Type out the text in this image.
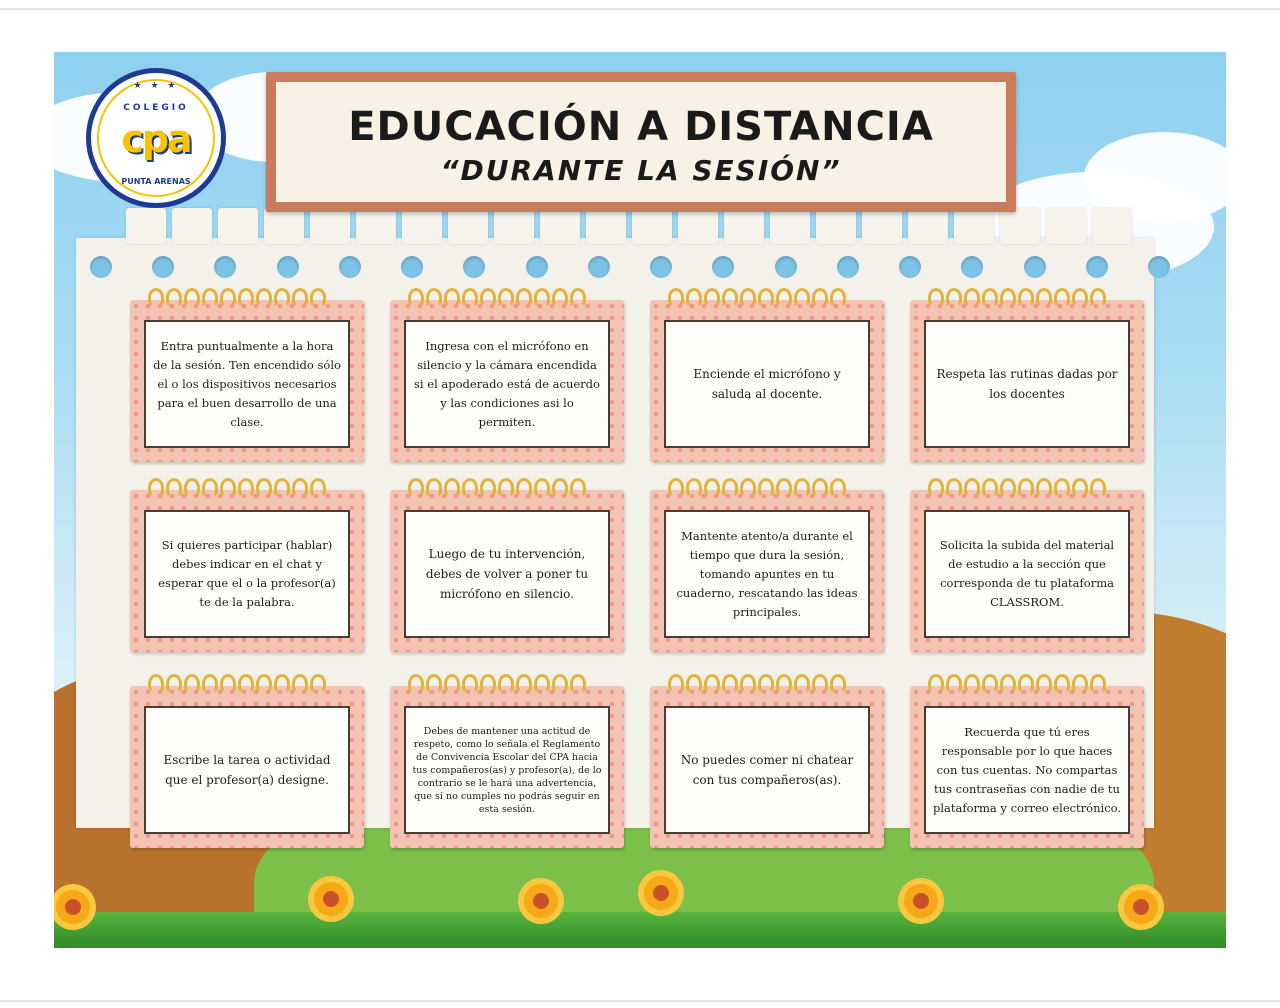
EDUCACIÓN A DISTANCIA
“DURANTE LA SESIÓN”
★ ★ ★
COLEGIO
cpa
PUNTA ARENAS
Entra puntualmente a la hora de la sesión. Ten encendido sólo el o los dispositivos necesarios para el buen desarrollo de una clase.
Ingresa con el micrófono en silencio y la cámara encendida si el apoderado está de acuerdo y las condiciones asi lo permiten.
Enciende el micrófono y saluda al docente.
Respeta las rutinas dadas por los docentes
Si quieres participar (hablar) debes indicar en el chat y esperar que el o la profesor(a) te de la palabra.
Luego de tu intervención, debes de volver a poner tu micrófono en silencio.
Mantente atento/a durante el tiempo que dura la sesión, tomando apuntes en tu cuaderno, rescatando las ideas principales.
Solicita la subida del material de estudio a la sección que corresponda de tu plataforma CLASSROM.
Escribe la tarea o actividad que el profesor(a) designe.
Debes de mantener una actitud de respeto, como lo señala el Reglamento de Convivencia Escolar del CPA hacia tus compañeros(as) y profesor(a), de lo contrario se le hará una advertencia, que si no cumples no podrás seguir en esta sesión.
No puedes comer ni chatear con tus compañeros(as).
Recuerda que tú eres responsable por lo que haces con tus cuentas. No compartas tus contraseñas con nadie de tu plataforma y correo electrónico.
